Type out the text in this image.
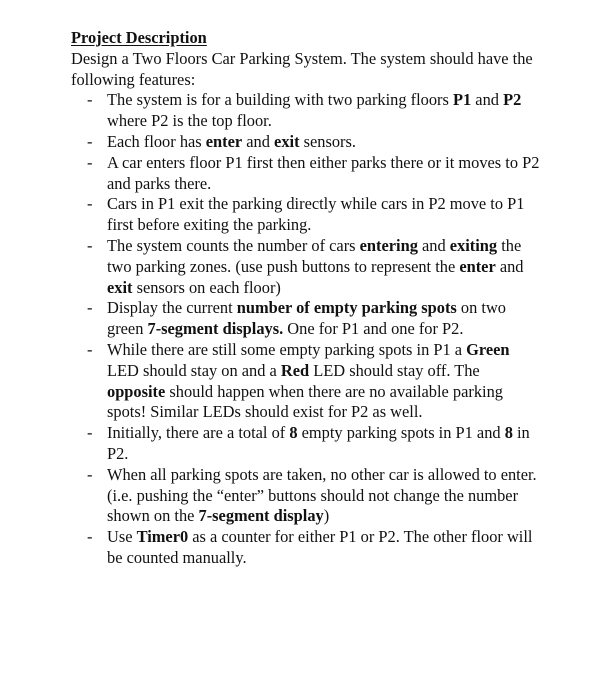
Project Description

Design a Two Floors Car Parking System. The system should have the following features:

- The system is for a building with two parking floors P1 and P2 where P2 is the top floor.
- Each floor has enter and exit sensors.
- A car enters floor P1 first then either parks there or it moves to P2 and parks there.
- Cars in P1 exit the parking directly while cars in P2 move to P1 first before exiting the parking.
- The system counts the number of cars entering and exiting the two parking zones. (use push buttons to represent the enter and exit sensors on each floor)
- Display the current number of empty parking spots on two green 7-segment displays. One for P1 and one for P2.
- While there are still some empty parking spots in P1 a Green LED should stay on and a Red LED should stay off. The opposite should happen when there are no available parking spots! Similar LEDs should exist for P2 as well.
- Initially, there are a total of 8 empty parking spots in P1 and 8 in P2.
- When all parking spots are taken, no other car is allowed to enter. (i.e. pushing the “enter” buttons should not change the number shown on the 7-segment display)
- Use Timer0 as a counter for either P1 or P2. The other floor will be counted manually.
